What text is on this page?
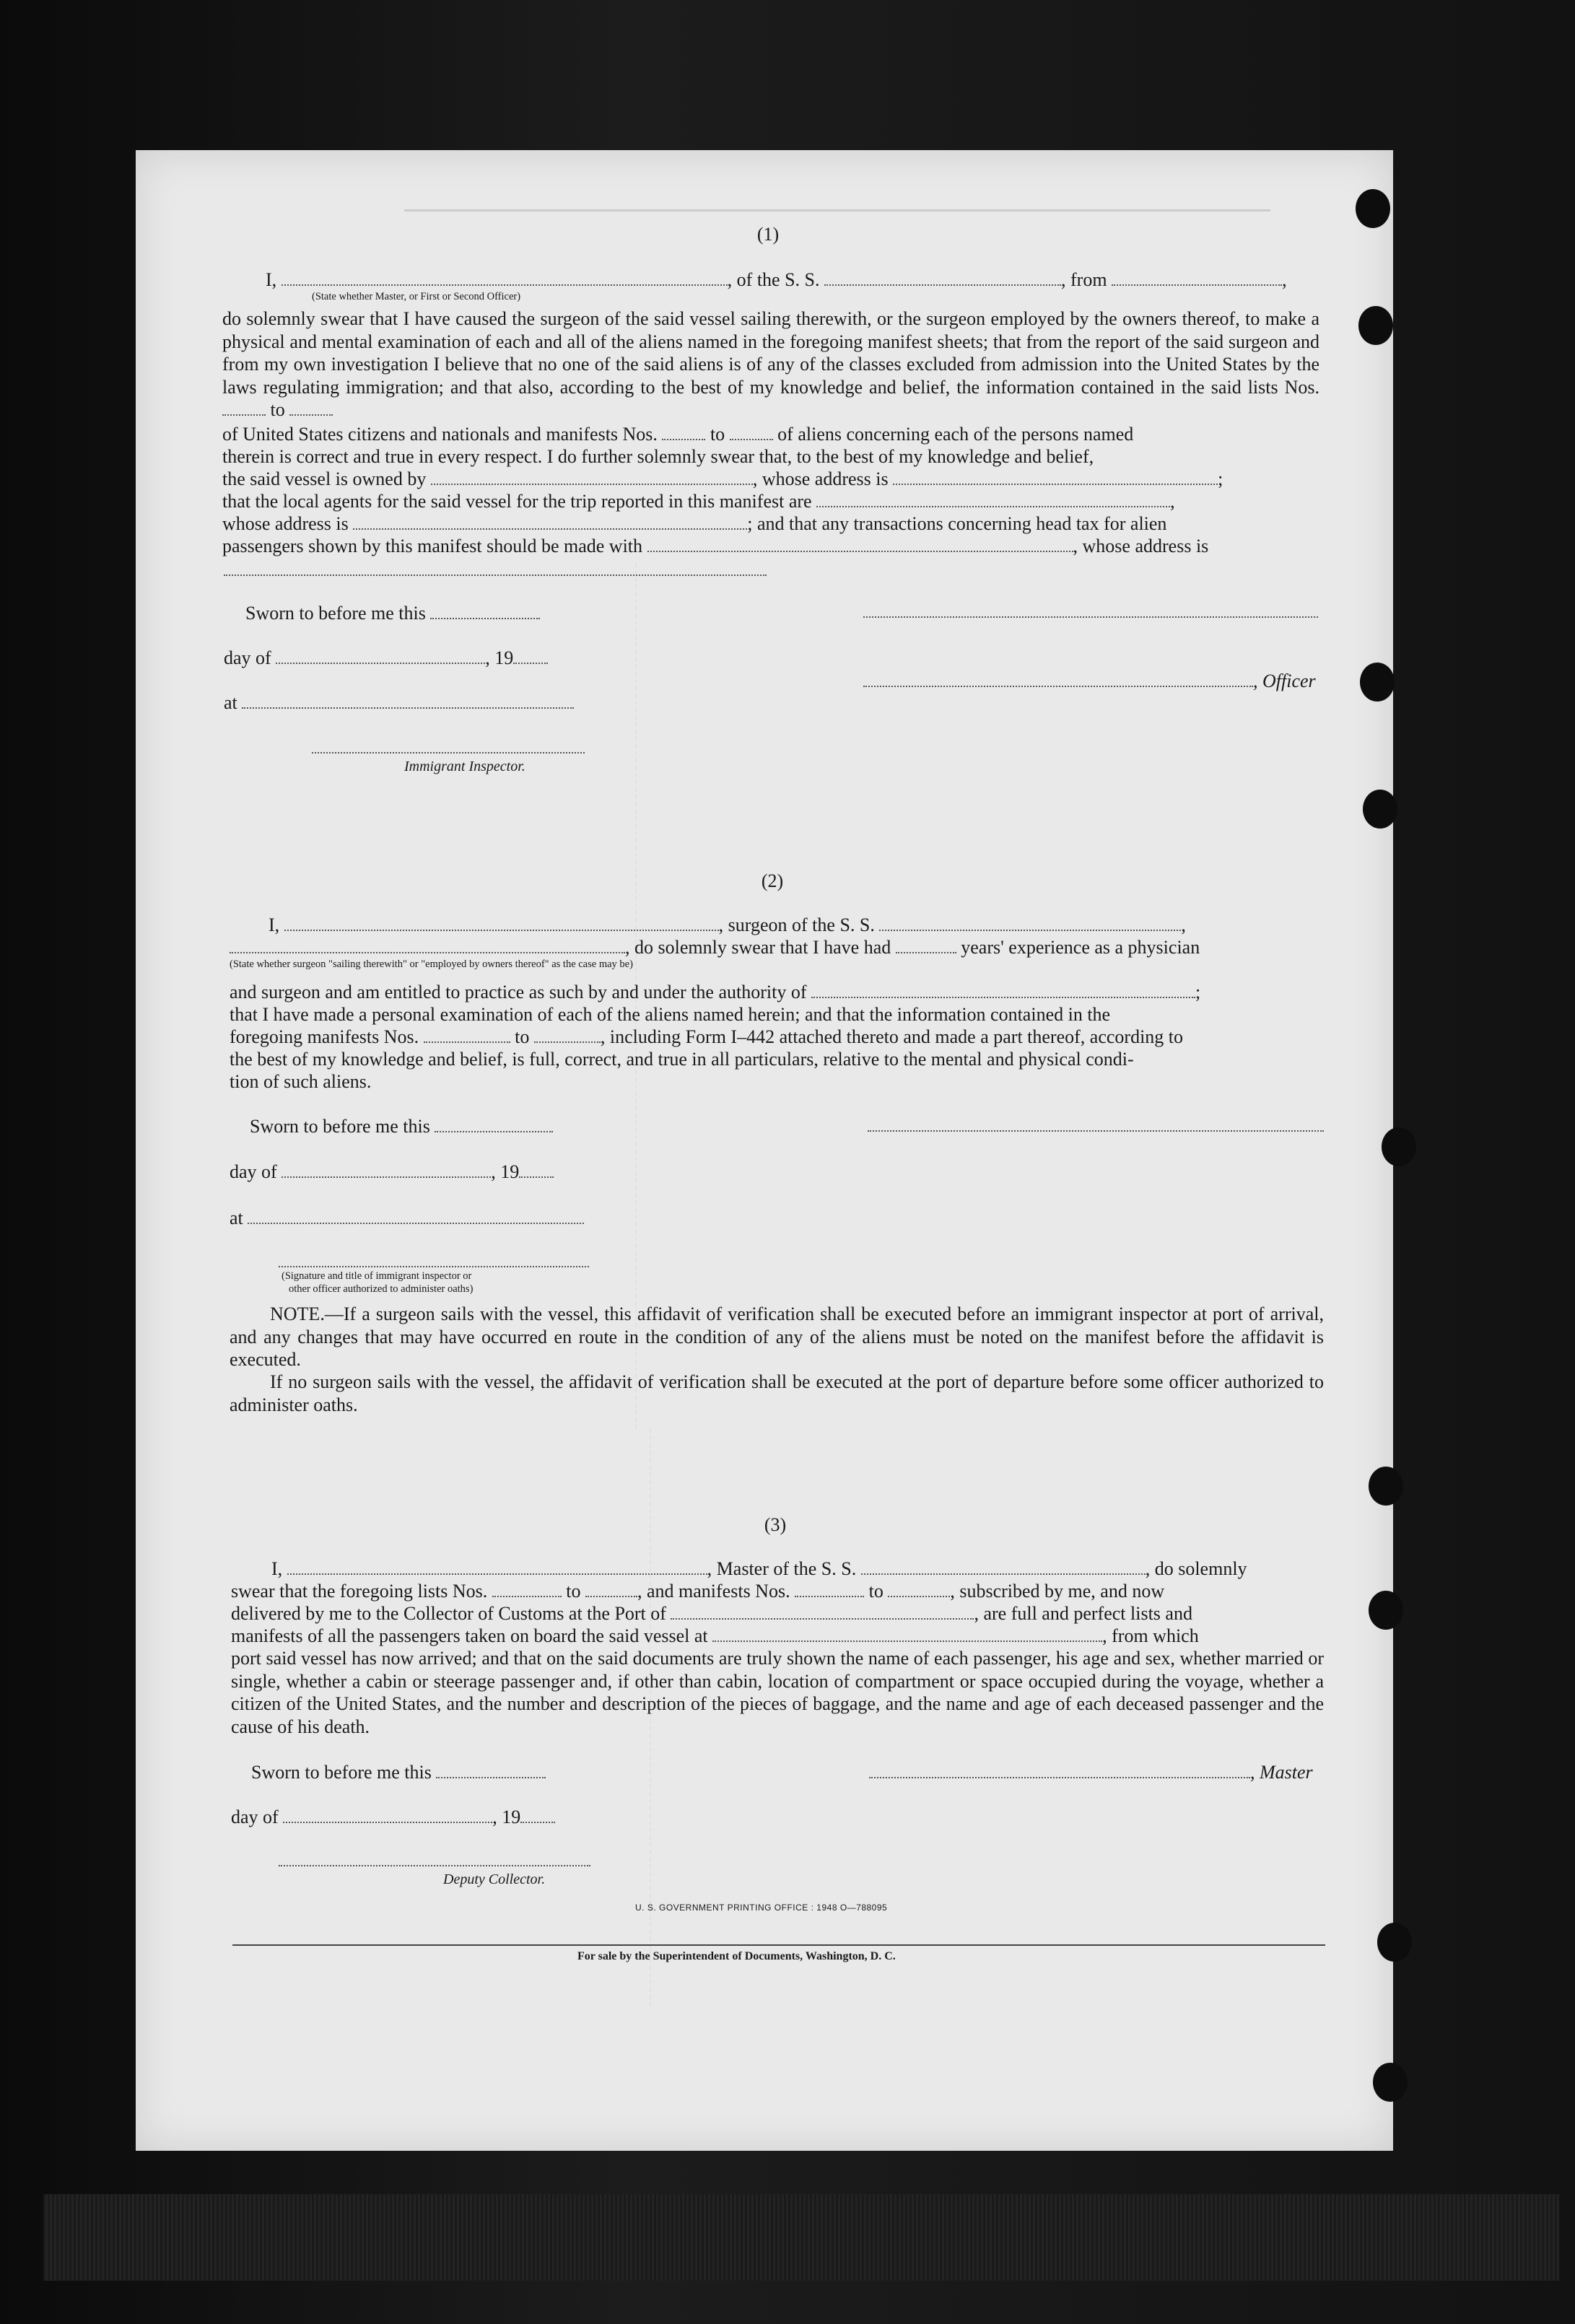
(1)
I,	, of the S. S.	, from	,
(State whether Master, or First or Second Officer)
do solemnly swear that I have caused the surgeon of the said vessel sailing therewith, or the surgeon employed by the owners thereof, to make a physical and mental examination of each and all of the aliens named in the foregoing manifest sheets; that from the report of the said surgeon and from my own investigation I believe that no one of the said aliens is of any of the classes excluded from admission into the United States by the laws regulating immigration; and that also, according to the best of my knowledge and belief, the information contained in the said lists Nos.  to
of United States citizens and nationals and manifests Nos.	to	of aliens concerning each of the persons named
therein is correct and true in every respect. I do further solemnly swear that, to the best of my knowledge and belief,
the said vessel is owned by	, whose address is	;
that the local agents for the said vessel for the trip reported in this manifest are	,
whose address is	; and that any transactions concerning head tax for alien
passengers shown by this manifest should be made with	, whose address is
Sworn to before me this
day of	, 19
, Officer
at
Immigrant Inspector.
(2)
I,	, surgeon of the S. S.	,
, do solemnly swear that I have had	years' experience as a physician
(State whether surgeon "sailing therewith" or "employed by owners thereof" as the case may be)
and surgeon and am entitled to practice as such by and under the authority of	;
that I have made a personal examination of each of the aliens named herein; and that the information contained in the
foregoing manifests Nos.	to	, including Form I–442 attached thereto and made a part thereof, according to
the best of my knowledge and belief, is full, correct, and true in all particulars, relative to the mental and physical condi-
tion of such aliens.
Sworn to before me this
day of	, 19
at
(Signature and title of immigrant inspector or
other officer authorized to administer oaths)
NOTE.—If a surgeon sails with the vessel, this affidavit of verification shall be executed before an immigrant inspector at port of arrival, and any changes that may have occurred en route in the condition of any of the aliens must be noted on the manifest before the affidavit is executed.
If no surgeon sails with the vessel, the affidavit of verification shall be executed at the port of departure before some officer authorized to administer oaths.
(3)
I,	, Master of the S. S.	, do solemnly
swear that the foregoing lists Nos.	to	, and manifests Nos.	to	, subscribed by me, and now
delivered by me to the Collector of Customs at the Port of	, are full and perfect lists and
manifests of all the passengers taken on board the said vessel at	, from which
port said vessel has now arrived; and that on the said documents are truly shown the name of each passenger, his age and sex, whether married or single, whether a cabin or steerage passenger and, if other than cabin, location of compartment or space occupied during the voyage, whether a citizen of the United States, and the number and description of the pieces of baggage, and the name and age of each deceased passenger and the cause of his death.
Sworn to before me this	, Master
day of	, 19
Deputy Collector.
U. S. GOVERNMENT PRINTING OFFICE : 1948 O—788095
For sale by the Superintendent of Documents, Washington, D. C.
